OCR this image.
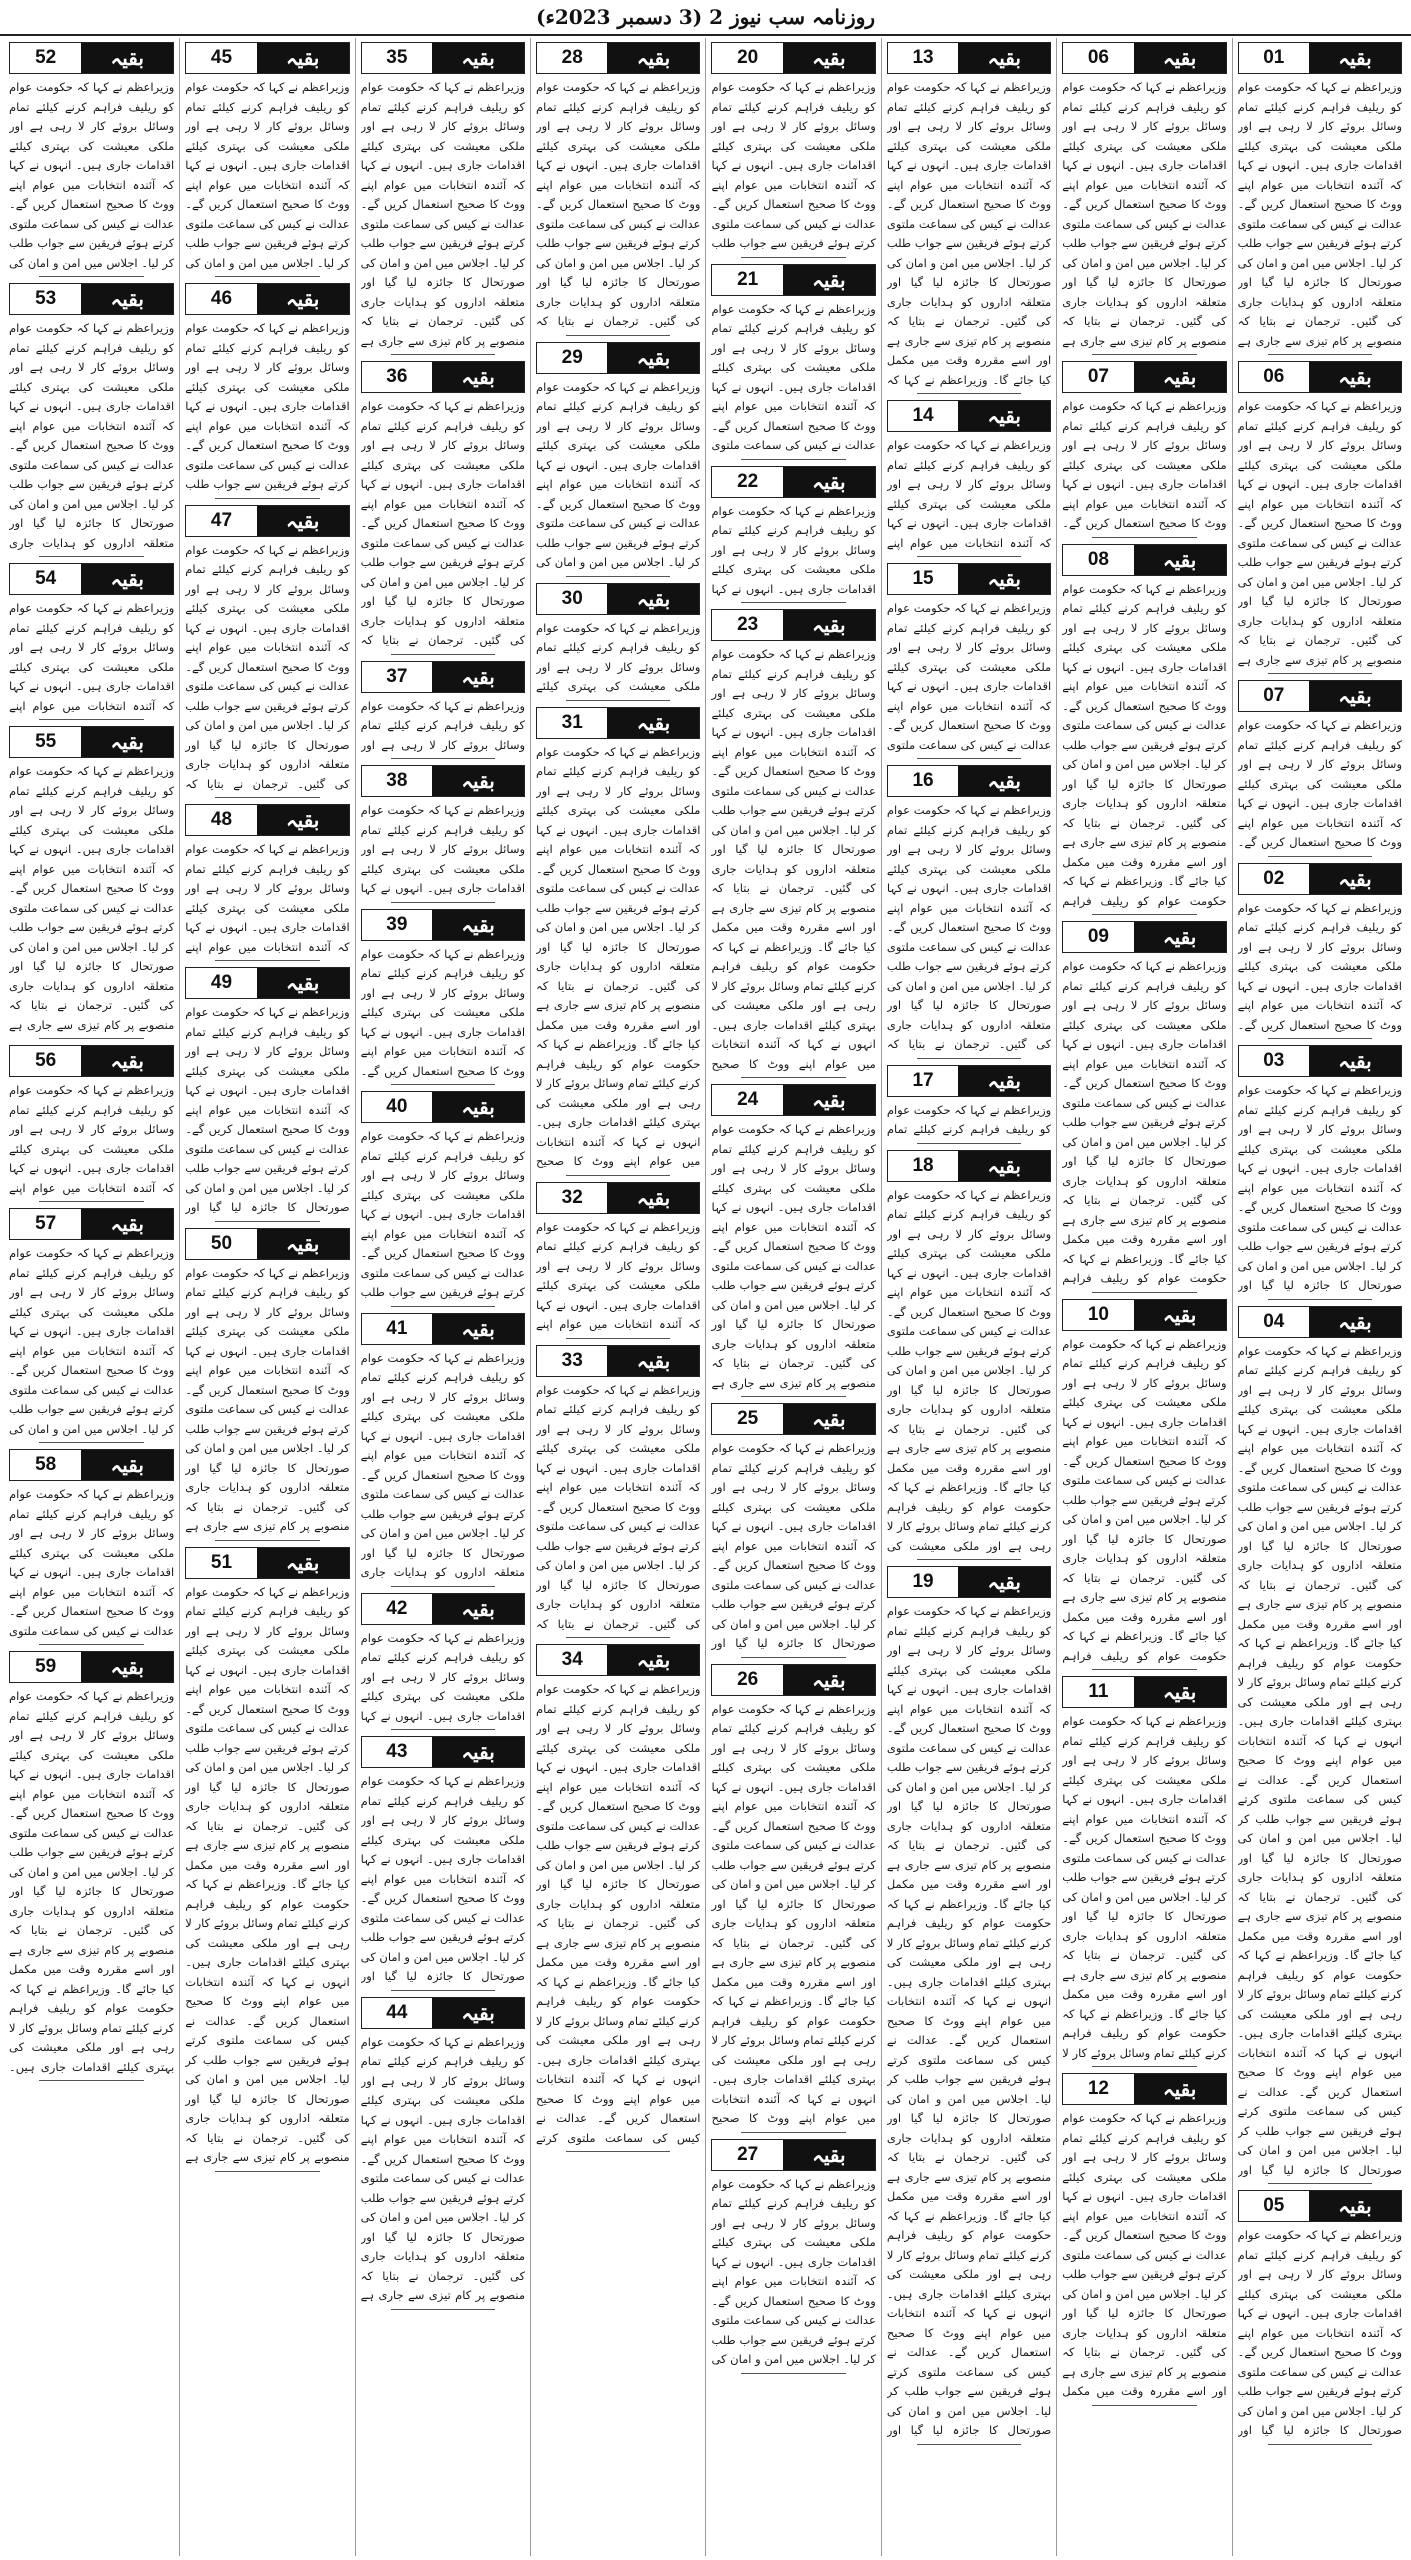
روزنامہ سب نیوز 2 (3 دسمبر 2023ء)
01	بقیہ
وزیراعظم نے کہا کہ حکومت عوام کو ریلیف فراہم کرنے کیلئے تمام وسائل بروئے کار لا رہی ہے اور ملکی معیشت کی بہتری کیلئے اقدامات جاری ہیں۔ انہوں نے کہا کہ آئندہ انتخابات میں عوام اپنے ووٹ کا صحیح استعمال کریں گے۔ عدالت نے کیس کی سماعت ملتوی کرتے ہوئے فریقین سے جواب طلب کر لیا۔ اجلاس میں امن و امان کی صورتحال کا جائزہ لیا گیا اور متعلقہ اداروں کو ہدایات جاری کی گئیں۔ ترجمان نے بتایا کہ منصوبے پر کام تیزی سے جاری ہے
06	بقیہ
وزیراعظم نے کہا کہ حکومت عوام کو ریلیف فراہم کرنے کیلئے تمام وسائل بروئے کار لا رہی ہے اور ملکی معیشت کی بہتری کیلئے اقدامات جاری ہیں۔ انہوں نے کہا کہ آئندہ انتخابات میں عوام اپنے ووٹ کا صحیح استعمال کریں گے۔ عدالت نے کیس کی سماعت ملتوی کرتے ہوئے فریقین سے جواب طلب کر لیا۔ اجلاس میں امن و امان کی صورتحال کا جائزہ لیا گیا اور متعلقہ اداروں کو ہدایات جاری کی گئیں۔ ترجمان نے بتایا کہ منصوبے پر کام تیزی سے جاری ہے
07	بقیہ
وزیراعظم نے کہا کہ حکومت عوام کو ریلیف فراہم کرنے کیلئے تمام وسائل بروئے کار لا رہی ہے اور ملکی معیشت کی بہتری کیلئے اقدامات جاری ہیں۔ انہوں نے کہا کہ آئندہ انتخابات میں عوام اپنے ووٹ کا صحیح استعمال کریں گے۔
02	بقیہ
وزیراعظم نے کہا کہ حکومت عوام کو ریلیف فراہم کرنے کیلئے تمام وسائل بروئے کار لا رہی ہے اور ملکی معیشت کی بہتری کیلئے اقدامات جاری ہیں۔ انہوں نے کہا کہ آئندہ انتخابات میں عوام اپنے ووٹ کا صحیح استعمال کریں گے۔
03	بقیہ
وزیراعظم نے کہا کہ حکومت عوام کو ریلیف فراہم کرنے کیلئے تمام وسائل بروئے کار لا رہی ہے اور ملکی معیشت کی بہتری کیلئے اقدامات جاری ہیں۔ انہوں نے کہا کہ آئندہ انتخابات میں عوام اپنے ووٹ کا صحیح استعمال کریں گے۔ عدالت نے کیس کی سماعت ملتوی کرتے ہوئے فریقین سے جواب طلب کر لیا۔ اجلاس میں امن و امان کی صورتحال کا جائزہ لیا گیا اور
04	بقیہ
وزیراعظم نے کہا کہ حکومت عوام کو ریلیف فراہم کرنے کیلئے تمام وسائل بروئے کار لا رہی ہے اور ملکی معیشت کی بہتری کیلئے اقدامات جاری ہیں۔ انہوں نے کہا کہ آئندہ انتخابات میں عوام اپنے ووٹ کا صحیح استعمال کریں گے۔ عدالت نے کیس کی سماعت ملتوی کرتے ہوئے فریقین سے جواب طلب کر لیا۔ اجلاس میں امن و امان کی صورتحال کا جائزہ لیا گیا اور متعلقہ اداروں کو ہدایات جاری کی گئیں۔ ترجمان نے بتایا کہ منصوبے پر کام تیزی سے جاری ہے اور اسے مقررہ وقت میں مکمل کیا جائے گا۔ وزیراعظم نے کہا کہ حکومت عوام کو ریلیف فراہم کرنے کیلئے تمام وسائل بروئے کار لا رہی ہے اور ملکی معیشت کی بہتری کیلئے اقدامات جاری ہیں۔ انہوں نے کہا کہ آئندہ انتخابات میں عوام اپنے ووٹ کا صحیح استعمال کریں گے۔ عدالت نے کیس کی سماعت ملتوی کرتے ہوئے فریقین سے جواب طلب کر لیا۔ اجلاس میں امن و امان کی صورتحال کا جائزہ لیا گیا اور متعلقہ اداروں کو ہدایات جاری کی گئیں۔ ترجمان نے بتایا کہ منصوبے پر کام تیزی سے جاری ہے اور اسے مقررہ وقت میں مکمل کیا جائے گا۔ وزیراعظم نے کہا کہ حکومت عوام کو ریلیف فراہم کرنے کیلئے تمام وسائل بروئے کار لا رہی ہے اور ملکی معیشت کی بہتری کیلئے اقدامات جاری ہیں۔ انہوں نے کہا کہ آئندہ انتخابات میں عوام اپنے ووٹ کا صحیح استعمال کریں گے۔ عدالت نے کیس کی سماعت ملتوی کرتے ہوئے فریقین سے جواب طلب کر لیا۔ اجلاس میں امن و امان کی صورتحال کا جائزہ لیا گیا اور
05	بقیہ
وزیراعظم نے کہا کہ حکومت عوام کو ریلیف فراہم کرنے کیلئے تمام وسائل بروئے کار لا رہی ہے اور ملکی معیشت کی بہتری کیلئے اقدامات جاری ہیں۔ انہوں نے کہا کہ آئندہ انتخابات میں عوام اپنے ووٹ کا صحیح استعمال کریں گے۔ عدالت نے کیس کی سماعت ملتوی کرتے ہوئے فریقین سے جواب طلب کر لیا۔ اجلاس میں امن و امان کی صورتحال کا جائزہ لیا گیا اور
06	بقیہ
وزیراعظم نے کہا کہ حکومت عوام کو ریلیف فراہم کرنے کیلئے تمام وسائل بروئے کار لا رہی ہے اور ملکی معیشت کی بہتری کیلئے اقدامات جاری ہیں۔ انہوں نے کہا کہ آئندہ انتخابات میں عوام اپنے ووٹ کا صحیح استعمال کریں گے۔ عدالت نے کیس کی سماعت ملتوی کرتے ہوئے فریقین سے جواب طلب کر لیا۔ اجلاس میں امن و امان کی صورتحال کا جائزہ لیا گیا اور متعلقہ اداروں کو ہدایات جاری کی گئیں۔ ترجمان نے بتایا کہ منصوبے پر کام تیزی سے جاری ہے
07	بقیہ
وزیراعظم نے کہا کہ حکومت عوام کو ریلیف فراہم کرنے کیلئے تمام وسائل بروئے کار لا رہی ہے اور ملکی معیشت کی بہتری کیلئے اقدامات جاری ہیں۔ انہوں نے کہا کہ آئندہ انتخابات میں عوام اپنے ووٹ کا صحیح استعمال کریں گے۔
08	بقیہ
وزیراعظم نے کہا کہ حکومت عوام کو ریلیف فراہم کرنے کیلئے تمام وسائل بروئے کار لا رہی ہے اور ملکی معیشت کی بہتری کیلئے اقدامات جاری ہیں۔ انہوں نے کہا کہ آئندہ انتخابات میں عوام اپنے ووٹ کا صحیح استعمال کریں گے۔ عدالت نے کیس کی سماعت ملتوی کرتے ہوئے فریقین سے جواب طلب کر لیا۔ اجلاس میں امن و امان کی صورتحال کا جائزہ لیا گیا اور متعلقہ اداروں کو ہدایات جاری کی گئیں۔ ترجمان نے بتایا کہ منصوبے پر کام تیزی سے جاری ہے اور اسے مقررہ وقت میں مکمل کیا جائے گا۔ وزیراعظم نے کہا کہ حکومت عوام کو ریلیف فراہم
09	بقیہ
وزیراعظم نے کہا کہ حکومت عوام کو ریلیف فراہم کرنے کیلئے تمام وسائل بروئے کار لا رہی ہے اور ملکی معیشت کی بہتری کیلئے اقدامات جاری ہیں۔ انہوں نے کہا کہ آئندہ انتخابات میں عوام اپنے ووٹ کا صحیح استعمال کریں گے۔ عدالت نے کیس کی سماعت ملتوی کرتے ہوئے فریقین سے جواب طلب کر لیا۔ اجلاس میں امن و امان کی صورتحال کا جائزہ لیا گیا اور متعلقہ اداروں کو ہدایات جاری کی گئیں۔ ترجمان نے بتایا کہ منصوبے پر کام تیزی سے جاری ہے اور اسے مقررہ وقت میں مکمل کیا جائے گا۔ وزیراعظم نے کہا کہ حکومت عوام کو ریلیف فراہم
10	بقیہ
وزیراعظم نے کہا کہ حکومت عوام کو ریلیف فراہم کرنے کیلئے تمام وسائل بروئے کار لا رہی ہے اور ملکی معیشت کی بہتری کیلئے اقدامات جاری ہیں۔ انہوں نے کہا کہ آئندہ انتخابات میں عوام اپنے ووٹ کا صحیح استعمال کریں گے۔ عدالت نے کیس کی سماعت ملتوی کرتے ہوئے فریقین سے جواب طلب کر لیا۔ اجلاس میں امن و امان کی صورتحال کا جائزہ لیا گیا اور متعلقہ اداروں کو ہدایات جاری کی گئیں۔ ترجمان نے بتایا کہ منصوبے پر کام تیزی سے جاری ہے اور اسے مقررہ وقت میں مکمل کیا جائے گا۔ وزیراعظم نے کہا کہ حکومت عوام کو ریلیف فراہم
11	بقیہ
وزیراعظم نے کہا کہ حکومت عوام کو ریلیف فراہم کرنے کیلئے تمام وسائل بروئے کار لا رہی ہے اور ملکی معیشت کی بہتری کیلئے اقدامات جاری ہیں۔ انہوں نے کہا کہ آئندہ انتخابات میں عوام اپنے ووٹ کا صحیح استعمال کریں گے۔ عدالت نے کیس کی سماعت ملتوی کرتے ہوئے فریقین سے جواب طلب کر لیا۔ اجلاس میں امن و امان کی صورتحال کا جائزہ لیا گیا اور متعلقہ اداروں کو ہدایات جاری کی گئیں۔ ترجمان نے بتایا کہ منصوبے پر کام تیزی سے جاری ہے اور اسے مقررہ وقت میں مکمل کیا جائے گا۔ وزیراعظم نے کہا کہ حکومت عوام کو ریلیف فراہم کرنے کیلئے تمام وسائل بروئے کار لا
12	بقیہ
وزیراعظم نے کہا کہ حکومت عوام کو ریلیف فراہم کرنے کیلئے تمام وسائل بروئے کار لا رہی ہے اور ملکی معیشت کی بہتری کیلئے اقدامات جاری ہیں۔ انہوں نے کہا کہ آئندہ انتخابات میں عوام اپنے ووٹ کا صحیح استعمال کریں گے۔ عدالت نے کیس کی سماعت ملتوی کرتے ہوئے فریقین سے جواب طلب کر لیا۔ اجلاس میں امن و امان کی صورتحال کا جائزہ لیا گیا اور متعلقہ اداروں کو ہدایات جاری کی گئیں۔ ترجمان نے بتایا کہ منصوبے پر کام تیزی سے جاری ہے اور اسے مقررہ وقت میں مکمل
13	بقیہ
وزیراعظم نے کہا کہ حکومت عوام کو ریلیف فراہم کرنے کیلئے تمام وسائل بروئے کار لا رہی ہے اور ملکی معیشت کی بہتری کیلئے اقدامات جاری ہیں۔ انہوں نے کہا کہ آئندہ انتخابات میں عوام اپنے ووٹ کا صحیح استعمال کریں گے۔ عدالت نے کیس کی سماعت ملتوی کرتے ہوئے فریقین سے جواب طلب کر لیا۔ اجلاس میں امن و امان کی صورتحال کا جائزہ لیا گیا اور متعلقہ اداروں کو ہدایات جاری کی گئیں۔ ترجمان نے بتایا کہ منصوبے پر کام تیزی سے جاری ہے اور اسے مقررہ وقت میں مکمل کیا جائے گا۔ وزیراعظم نے کہا کہ
14	بقیہ
وزیراعظم نے کہا کہ حکومت عوام کو ریلیف فراہم کرنے کیلئے تمام وسائل بروئے کار لا رہی ہے اور ملکی معیشت کی بہتری کیلئے اقدامات جاری ہیں۔ انہوں نے کہا کہ آئندہ انتخابات میں عوام اپنے
15	بقیہ
وزیراعظم نے کہا کہ حکومت عوام کو ریلیف فراہم کرنے کیلئے تمام وسائل بروئے کار لا رہی ہے اور ملکی معیشت کی بہتری کیلئے اقدامات جاری ہیں۔ انہوں نے کہا کہ آئندہ انتخابات میں عوام اپنے ووٹ کا صحیح استعمال کریں گے۔ عدالت نے کیس کی سماعت ملتوی
16	بقیہ
وزیراعظم نے کہا کہ حکومت عوام کو ریلیف فراہم کرنے کیلئے تمام وسائل بروئے کار لا رہی ہے اور ملکی معیشت کی بہتری کیلئے اقدامات جاری ہیں۔ انہوں نے کہا کہ آئندہ انتخابات میں عوام اپنے ووٹ کا صحیح استعمال کریں گے۔ عدالت نے کیس کی سماعت ملتوی کرتے ہوئے فریقین سے جواب طلب کر لیا۔ اجلاس میں امن و امان کی صورتحال کا جائزہ لیا گیا اور متعلقہ اداروں کو ہدایات جاری کی گئیں۔ ترجمان نے بتایا کہ
17	بقیہ
وزیراعظم نے کہا کہ حکومت عوام کو ریلیف فراہم کرنے کیلئے تمام
18	بقیہ
وزیراعظم نے کہا کہ حکومت عوام کو ریلیف فراہم کرنے کیلئے تمام وسائل بروئے کار لا رہی ہے اور ملکی معیشت کی بہتری کیلئے اقدامات جاری ہیں۔ انہوں نے کہا کہ آئندہ انتخابات میں عوام اپنے ووٹ کا صحیح استعمال کریں گے۔ عدالت نے کیس کی سماعت ملتوی کرتے ہوئے فریقین سے جواب طلب کر لیا۔ اجلاس میں امن و امان کی صورتحال کا جائزہ لیا گیا اور متعلقہ اداروں کو ہدایات جاری کی گئیں۔ ترجمان نے بتایا کہ منصوبے پر کام تیزی سے جاری ہے اور اسے مقررہ وقت میں مکمل کیا جائے گا۔ وزیراعظم نے کہا کہ حکومت عوام کو ریلیف فراہم کرنے کیلئے تمام وسائل بروئے کار لا رہی ہے اور ملکی معیشت کی
19	بقیہ
وزیراعظم نے کہا کہ حکومت عوام کو ریلیف فراہم کرنے کیلئے تمام وسائل بروئے کار لا رہی ہے اور ملکی معیشت کی بہتری کیلئے اقدامات جاری ہیں۔ انہوں نے کہا کہ آئندہ انتخابات میں عوام اپنے ووٹ کا صحیح استعمال کریں گے۔ عدالت نے کیس کی سماعت ملتوی کرتے ہوئے فریقین سے جواب طلب کر لیا۔ اجلاس میں امن و امان کی صورتحال کا جائزہ لیا گیا اور متعلقہ اداروں کو ہدایات جاری کی گئیں۔ ترجمان نے بتایا کہ منصوبے پر کام تیزی سے جاری ہے اور اسے مقررہ وقت میں مکمل کیا جائے گا۔ وزیراعظم نے کہا کہ حکومت عوام کو ریلیف فراہم کرنے کیلئے تمام وسائل بروئے کار لا رہی ہے اور ملکی معیشت کی بہتری کیلئے اقدامات جاری ہیں۔ انہوں نے کہا کہ آئندہ انتخابات میں عوام اپنے ووٹ کا صحیح استعمال کریں گے۔ عدالت نے کیس کی سماعت ملتوی کرتے ہوئے فریقین سے جواب طلب کر لیا۔ اجلاس میں امن و امان کی صورتحال کا جائزہ لیا گیا اور متعلقہ اداروں کو ہدایات جاری کی گئیں۔ ترجمان نے بتایا کہ منصوبے پر کام تیزی سے جاری ہے اور اسے مقررہ وقت میں مکمل کیا جائے گا۔ وزیراعظم نے کہا کہ حکومت عوام کو ریلیف فراہم کرنے کیلئے تمام وسائل بروئے کار لا رہی ہے اور ملکی معیشت کی بہتری کیلئے اقدامات جاری ہیں۔ انہوں نے کہا کہ آئندہ انتخابات میں عوام اپنے ووٹ کا صحیح استعمال کریں گے۔ عدالت نے کیس کی سماعت ملتوی کرتے ہوئے فریقین سے جواب طلب کر لیا۔ اجلاس میں امن و امان کی صورتحال کا جائزہ لیا گیا اور
20	بقیہ
وزیراعظم نے کہا کہ حکومت عوام کو ریلیف فراہم کرنے کیلئے تمام وسائل بروئے کار لا رہی ہے اور ملکی معیشت کی بہتری کیلئے اقدامات جاری ہیں۔ انہوں نے کہا کہ آئندہ انتخابات میں عوام اپنے ووٹ کا صحیح استعمال کریں گے۔ عدالت نے کیس کی سماعت ملتوی کرتے ہوئے فریقین سے جواب طلب
21	بقیہ
وزیراعظم نے کہا کہ حکومت عوام کو ریلیف فراہم کرنے کیلئے تمام وسائل بروئے کار لا رہی ہے اور ملکی معیشت کی بہتری کیلئے اقدامات جاری ہیں۔ انہوں نے کہا کہ آئندہ انتخابات میں عوام اپنے ووٹ کا صحیح استعمال کریں گے۔ عدالت نے کیس کی سماعت ملتوی
22	بقیہ
وزیراعظم نے کہا کہ حکومت عوام کو ریلیف فراہم کرنے کیلئے تمام وسائل بروئے کار لا رہی ہے اور ملکی معیشت کی بہتری کیلئے اقدامات جاری ہیں۔ انہوں نے کہا
23	بقیہ
وزیراعظم نے کہا کہ حکومت عوام کو ریلیف فراہم کرنے کیلئے تمام وسائل بروئے کار لا رہی ہے اور ملکی معیشت کی بہتری کیلئے اقدامات جاری ہیں۔ انہوں نے کہا کہ آئندہ انتخابات میں عوام اپنے ووٹ کا صحیح استعمال کریں گے۔ عدالت نے کیس کی سماعت ملتوی کرتے ہوئے فریقین سے جواب طلب کر لیا۔ اجلاس میں امن و امان کی صورتحال کا جائزہ لیا گیا اور متعلقہ اداروں کو ہدایات جاری کی گئیں۔ ترجمان نے بتایا کہ منصوبے پر کام تیزی سے جاری ہے اور اسے مقررہ وقت میں مکمل کیا جائے گا۔ وزیراعظم نے کہا کہ حکومت عوام کو ریلیف فراہم کرنے کیلئے تمام وسائل بروئے کار لا رہی ہے اور ملکی معیشت کی بہتری کیلئے اقدامات جاری ہیں۔ انہوں نے کہا کہ آئندہ انتخابات میں عوام اپنے ووٹ کا صحیح
24	بقیہ
وزیراعظم نے کہا کہ حکومت عوام کو ریلیف فراہم کرنے کیلئے تمام وسائل بروئے کار لا رہی ہے اور ملکی معیشت کی بہتری کیلئے اقدامات جاری ہیں۔ انہوں نے کہا کہ آئندہ انتخابات میں عوام اپنے ووٹ کا صحیح استعمال کریں گے۔ عدالت نے کیس کی سماعت ملتوی کرتے ہوئے فریقین سے جواب طلب کر لیا۔ اجلاس میں امن و امان کی صورتحال کا جائزہ لیا گیا اور متعلقہ اداروں کو ہدایات جاری کی گئیں۔ ترجمان نے بتایا کہ منصوبے پر کام تیزی سے جاری ہے
25	بقیہ
وزیراعظم نے کہا کہ حکومت عوام کو ریلیف فراہم کرنے کیلئے تمام وسائل بروئے کار لا رہی ہے اور ملکی معیشت کی بہتری کیلئے اقدامات جاری ہیں۔ انہوں نے کہا کہ آئندہ انتخابات میں عوام اپنے ووٹ کا صحیح استعمال کریں گے۔ عدالت نے کیس کی سماعت ملتوی کرتے ہوئے فریقین سے جواب طلب کر لیا۔ اجلاس میں امن و امان کی صورتحال کا جائزہ لیا گیا اور
26	بقیہ
وزیراعظم نے کہا کہ حکومت عوام کو ریلیف فراہم کرنے کیلئے تمام وسائل بروئے کار لا رہی ہے اور ملکی معیشت کی بہتری کیلئے اقدامات جاری ہیں۔ انہوں نے کہا کہ آئندہ انتخابات میں عوام اپنے ووٹ کا صحیح استعمال کریں گے۔ عدالت نے کیس کی سماعت ملتوی کرتے ہوئے فریقین سے جواب طلب کر لیا۔ اجلاس میں امن و امان کی صورتحال کا جائزہ لیا گیا اور متعلقہ اداروں کو ہدایات جاری کی گئیں۔ ترجمان نے بتایا کہ منصوبے پر کام تیزی سے جاری ہے اور اسے مقررہ وقت میں مکمل کیا جائے گا۔ وزیراعظم نے کہا کہ حکومت عوام کو ریلیف فراہم کرنے کیلئے تمام وسائل بروئے کار لا رہی ہے اور ملکی معیشت کی بہتری کیلئے اقدامات جاری ہیں۔ انہوں نے کہا کہ آئندہ انتخابات میں عوام اپنے ووٹ کا صحیح
27	بقیہ
وزیراعظم نے کہا کہ حکومت عوام کو ریلیف فراہم کرنے کیلئے تمام وسائل بروئے کار لا رہی ہے اور ملکی معیشت کی بہتری کیلئے اقدامات جاری ہیں۔ انہوں نے کہا کہ آئندہ انتخابات میں عوام اپنے ووٹ کا صحیح استعمال کریں گے۔ عدالت نے کیس کی سماعت ملتوی کرتے ہوئے فریقین سے جواب طلب کر لیا۔ اجلاس میں امن و امان کی
28	بقیہ
وزیراعظم نے کہا کہ حکومت عوام کو ریلیف فراہم کرنے کیلئے تمام وسائل بروئے کار لا رہی ہے اور ملکی معیشت کی بہتری کیلئے اقدامات جاری ہیں۔ انہوں نے کہا کہ آئندہ انتخابات میں عوام اپنے ووٹ کا صحیح استعمال کریں گے۔ عدالت نے کیس کی سماعت ملتوی کرتے ہوئے فریقین سے جواب طلب کر لیا۔ اجلاس میں امن و امان کی صورتحال کا جائزہ لیا گیا اور متعلقہ اداروں کو ہدایات جاری کی گئیں۔ ترجمان نے بتایا کہ
29	بقیہ
وزیراعظم نے کہا کہ حکومت عوام کو ریلیف فراہم کرنے کیلئے تمام وسائل بروئے کار لا رہی ہے اور ملکی معیشت کی بہتری کیلئے اقدامات جاری ہیں۔ انہوں نے کہا کہ آئندہ انتخابات میں عوام اپنے ووٹ کا صحیح استعمال کریں گے۔ عدالت نے کیس کی سماعت ملتوی کرتے ہوئے فریقین سے جواب طلب کر لیا۔ اجلاس میں امن و امان کی
30	بقیہ
وزیراعظم نے کہا کہ حکومت عوام کو ریلیف فراہم کرنے کیلئے تمام وسائل بروئے کار لا رہی ہے اور ملکی معیشت کی بہتری کیلئے
31	بقیہ
وزیراعظم نے کہا کہ حکومت عوام کو ریلیف فراہم کرنے کیلئے تمام وسائل بروئے کار لا رہی ہے اور ملکی معیشت کی بہتری کیلئے اقدامات جاری ہیں۔ انہوں نے کہا کہ آئندہ انتخابات میں عوام اپنے ووٹ کا صحیح استعمال کریں گے۔ عدالت نے کیس کی سماعت ملتوی کرتے ہوئے فریقین سے جواب طلب کر لیا۔ اجلاس میں امن و امان کی صورتحال کا جائزہ لیا گیا اور متعلقہ اداروں کو ہدایات جاری کی گئیں۔ ترجمان نے بتایا کہ منصوبے پر کام تیزی سے جاری ہے اور اسے مقررہ وقت میں مکمل کیا جائے گا۔ وزیراعظم نے کہا کہ حکومت عوام کو ریلیف فراہم کرنے کیلئے تمام وسائل بروئے کار لا رہی ہے اور ملکی معیشت کی بہتری کیلئے اقدامات جاری ہیں۔ انہوں نے کہا کہ آئندہ انتخابات میں عوام اپنے ووٹ کا صحیح
32	بقیہ
وزیراعظم نے کہا کہ حکومت عوام کو ریلیف فراہم کرنے کیلئے تمام وسائل بروئے کار لا رہی ہے اور ملکی معیشت کی بہتری کیلئے اقدامات جاری ہیں۔ انہوں نے کہا کہ آئندہ انتخابات میں عوام اپنے
33	بقیہ
وزیراعظم نے کہا کہ حکومت عوام کو ریلیف فراہم کرنے کیلئے تمام وسائل بروئے کار لا رہی ہے اور ملکی معیشت کی بہتری کیلئے اقدامات جاری ہیں۔ انہوں نے کہا کہ آئندہ انتخابات میں عوام اپنے ووٹ کا صحیح استعمال کریں گے۔ عدالت نے کیس کی سماعت ملتوی کرتے ہوئے فریقین سے جواب طلب کر لیا۔ اجلاس میں امن و امان کی صورتحال کا جائزہ لیا گیا اور متعلقہ اداروں کو ہدایات جاری کی گئیں۔ ترجمان نے بتایا کہ
34	بقیہ
وزیراعظم نے کہا کہ حکومت عوام کو ریلیف فراہم کرنے کیلئے تمام وسائل بروئے کار لا رہی ہے اور ملکی معیشت کی بہتری کیلئے اقدامات جاری ہیں۔ انہوں نے کہا کہ آئندہ انتخابات میں عوام اپنے ووٹ کا صحیح استعمال کریں گے۔ عدالت نے کیس کی سماعت ملتوی کرتے ہوئے فریقین سے جواب طلب کر لیا۔ اجلاس میں امن و امان کی صورتحال کا جائزہ لیا گیا اور متعلقہ اداروں کو ہدایات جاری کی گئیں۔ ترجمان نے بتایا کہ منصوبے پر کام تیزی سے جاری ہے اور اسے مقررہ وقت میں مکمل کیا جائے گا۔ وزیراعظم نے کہا کہ حکومت عوام کو ریلیف فراہم کرنے کیلئے تمام وسائل بروئے کار لا رہی ہے اور ملکی معیشت کی بہتری کیلئے اقدامات جاری ہیں۔ انہوں نے کہا کہ آئندہ انتخابات میں عوام اپنے ووٹ کا صحیح استعمال کریں گے۔ عدالت نے کیس کی سماعت ملتوی کرتے
35	بقیہ
وزیراعظم نے کہا کہ حکومت عوام کو ریلیف فراہم کرنے کیلئے تمام وسائل بروئے کار لا رہی ہے اور ملکی معیشت کی بہتری کیلئے اقدامات جاری ہیں۔ انہوں نے کہا کہ آئندہ انتخابات میں عوام اپنے ووٹ کا صحیح استعمال کریں گے۔ عدالت نے کیس کی سماعت ملتوی کرتے ہوئے فریقین سے جواب طلب کر لیا۔ اجلاس میں امن و امان کی صورتحال کا جائزہ لیا گیا اور متعلقہ اداروں کو ہدایات جاری کی گئیں۔ ترجمان نے بتایا کہ منصوبے پر کام تیزی سے جاری ہے
36	بقیہ
وزیراعظم نے کہا کہ حکومت عوام کو ریلیف فراہم کرنے کیلئے تمام وسائل بروئے کار لا رہی ہے اور ملکی معیشت کی بہتری کیلئے اقدامات جاری ہیں۔ انہوں نے کہا کہ آئندہ انتخابات میں عوام اپنے ووٹ کا صحیح استعمال کریں گے۔ عدالت نے کیس کی سماعت ملتوی کرتے ہوئے فریقین سے جواب طلب کر لیا۔ اجلاس میں امن و امان کی صورتحال کا جائزہ لیا گیا اور متعلقہ اداروں کو ہدایات جاری کی گئیں۔ ترجمان نے بتایا کہ
37	بقیہ
وزیراعظم نے کہا کہ حکومت عوام کو ریلیف فراہم کرنے کیلئے تمام وسائل بروئے کار لا رہی ہے اور
38	بقیہ
وزیراعظم نے کہا کہ حکومت عوام کو ریلیف فراہم کرنے کیلئے تمام وسائل بروئے کار لا رہی ہے اور ملکی معیشت کی بہتری کیلئے اقدامات جاری ہیں۔ انہوں نے کہا
39	بقیہ
وزیراعظم نے کہا کہ حکومت عوام کو ریلیف فراہم کرنے کیلئے تمام وسائل بروئے کار لا رہی ہے اور ملکی معیشت کی بہتری کیلئے اقدامات جاری ہیں۔ انہوں نے کہا کہ آئندہ انتخابات میں عوام اپنے ووٹ کا صحیح استعمال کریں گے۔
40	بقیہ
وزیراعظم نے کہا کہ حکومت عوام کو ریلیف فراہم کرنے کیلئے تمام وسائل بروئے کار لا رہی ہے اور ملکی معیشت کی بہتری کیلئے اقدامات جاری ہیں۔ انہوں نے کہا کہ آئندہ انتخابات میں عوام اپنے ووٹ کا صحیح استعمال کریں گے۔ عدالت نے کیس کی سماعت ملتوی کرتے ہوئے فریقین سے جواب طلب
41	بقیہ
وزیراعظم نے کہا کہ حکومت عوام کو ریلیف فراہم کرنے کیلئے تمام وسائل بروئے کار لا رہی ہے اور ملکی معیشت کی بہتری کیلئے اقدامات جاری ہیں۔ انہوں نے کہا کہ آئندہ انتخابات میں عوام اپنے ووٹ کا صحیح استعمال کریں گے۔ عدالت نے کیس کی سماعت ملتوی کرتے ہوئے فریقین سے جواب طلب کر لیا۔ اجلاس میں امن و امان کی صورتحال کا جائزہ لیا گیا اور متعلقہ اداروں کو ہدایات جاری
42	بقیہ
وزیراعظم نے کہا کہ حکومت عوام کو ریلیف فراہم کرنے کیلئے تمام وسائل بروئے کار لا رہی ہے اور ملکی معیشت کی بہتری کیلئے اقدامات جاری ہیں۔ انہوں نے کہا
43	بقیہ
وزیراعظم نے کہا کہ حکومت عوام کو ریلیف فراہم کرنے کیلئے تمام وسائل بروئے کار لا رہی ہے اور ملکی معیشت کی بہتری کیلئے اقدامات جاری ہیں۔ انہوں نے کہا کہ آئندہ انتخابات میں عوام اپنے ووٹ کا صحیح استعمال کریں گے۔ عدالت نے کیس کی سماعت ملتوی کرتے ہوئے فریقین سے جواب طلب کر لیا۔ اجلاس میں امن و امان کی صورتحال کا جائزہ لیا گیا اور
44	بقیہ
وزیراعظم نے کہا کہ حکومت عوام کو ریلیف فراہم کرنے کیلئے تمام وسائل بروئے کار لا رہی ہے اور ملکی معیشت کی بہتری کیلئے اقدامات جاری ہیں۔ انہوں نے کہا کہ آئندہ انتخابات میں عوام اپنے ووٹ کا صحیح استعمال کریں گے۔ عدالت نے کیس کی سماعت ملتوی کرتے ہوئے فریقین سے جواب طلب کر لیا۔ اجلاس میں امن و امان کی صورتحال کا جائزہ لیا گیا اور متعلقہ اداروں کو ہدایات جاری کی گئیں۔ ترجمان نے بتایا کہ منصوبے پر کام تیزی سے جاری ہے
45	بقیہ
وزیراعظم نے کہا کہ حکومت عوام کو ریلیف فراہم کرنے کیلئے تمام وسائل بروئے کار لا رہی ہے اور ملکی معیشت کی بہتری کیلئے اقدامات جاری ہیں۔ انہوں نے کہا کہ آئندہ انتخابات میں عوام اپنے ووٹ کا صحیح استعمال کریں گے۔ عدالت نے کیس کی سماعت ملتوی کرتے ہوئے فریقین سے جواب طلب کر لیا۔ اجلاس میں امن و امان کی
46	بقیہ
وزیراعظم نے کہا کہ حکومت عوام کو ریلیف فراہم کرنے کیلئے تمام وسائل بروئے کار لا رہی ہے اور ملکی معیشت کی بہتری کیلئے اقدامات جاری ہیں۔ انہوں نے کہا کہ آئندہ انتخابات میں عوام اپنے ووٹ کا صحیح استعمال کریں گے۔ عدالت نے کیس کی سماعت ملتوی کرتے ہوئے فریقین سے جواب طلب
47	بقیہ
وزیراعظم نے کہا کہ حکومت عوام کو ریلیف فراہم کرنے کیلئے تمام وسائل بروئے کار لا رہی ہے اور ملکی معیشت کی بہتری کیلئے اقدامات جاری ہیں۔ انہوں نے کہا کہ آئندہ انتخابات میں عوام اپنے ووٹ کا صحیح استعمال کریں گے۔ عدالت نے کیس کی سماعت ملتوی کرتے ہوئے فریقین سے جواب طلب کر لیا۔ اجلاس میں امن و امان کی صورتحال کا جائزہ لیا گیا اور متعلقہ اداروں کو ہدایات جاری کی گئیں۔ ترجمان نے بتایا کہ
48	بقیہ
وزیراعظم نے کہا کہ حکومت عوام کو ریلیف فراہم کرنے کیلئے تمام وسائل بروئے کار لا رہی ہے اور ملکی معیشت کی بہتری کیلئے اقدامات جاری ہیں۔ انہوں نے کہا کہ آئندہ انتخابات میں عوام اپنے
49	بقیہ
وزیراعظم نے کہا کہ حکومت عوام کو ریلیف فراہم کرنے کیلئے تمام وسائل بروئے کار لا رہی ہے اور ملکی معیشت کی بہتری کیلئے اقدامات جاری ہیں۔ انہوں نے کہا کہ آئندہ انتخابات میں عوام اپنے ووٹ کا صحیح استعمال کریں گے۔ عدالت نے کیس کی سماعت ملتوی کرتے ہوئے فریقین سے جواب طلب کر لیا۔ اجلاس میں امن و امان کی صورتحال کا جائزہ لیا گیا اور
50	بقیہ
وزیراعظم نے کہا کہ حکومت عوام کو ریلیف فراہم کرنے کیلئے تمام وسائل بروئے کار لا رہی ہے اور ملکی معیشت کی بہتری کیلئے اقدامات جاری ہیں۔ انہوں نے کہا کہ آئندہ انتخابات میں عوام اپنے ووٹ کا صحیح استعمال کریں گے۔ عدالت نے کیس کی سماعت ملتوی کرتے ہوئے فریقین سے جواب طلب کر لیا۔ اجلاس میں امن و امان کی صورتحال کا جائزہ لیا گیا اور متعلقہ اداروں کو ہدایات جاری کی گئیں۔ ترجمان نے بتایا کہ منصوبے پر کام تیزی سے جاری ہے
51	بقیہ
وزیراعظم نے کہا کہ حکومت عوام کو ریلیف فراہم کرنے کیلئے تمام وسائل بروئے کار لا رہی ہے اور ملکی معیشت کی بہتری کیلئے اقدامات جاری ہیں۔ انہوں نے کہا کہ آئندہ انتخابات میں عوام اپنے ووٹ کا صحیح استعمال کریں گے۔ عدالت نے کیس کی سماعت ملتوی کرتے ہوئے فریقین سے جواب طلب کر لیا۔ اجلاس میں امن و امان کی صورتحال کا جائزہ لیا گیا اور متعلقہ اداروں کو ہدایات جاری کی گئیں۔ ترجمان نے بتایا کہ منصوبے پر کام تیزی سے جاری ہے اور اسے مقررہ وقت میں مکمل کیا جائے گا۔ وزیراعظم نے کہا کہ حکومت عوام کو ریلیف فراہم کرنے کیلئے تمام وسائل بروئے کار لا رہی ہے اور ملکی معیشت کی بہتری کیلئے اقدامات جاری ہیں۔ انہوں نے کہا کہ آئندہ انتخابات میں عوام اپنے ووٹ کا صحیح استعمال کریں گے۔ عدالت نے کیس کی سماعت ملتوی کرتے ہوئے فریقین سے جواب طلب کر لیا۔ اجلاس میں امن و امان کی صورتحال کا جائزہ لیا گیا اور متعلقہ اداروں کو ہدایات جاری کی گئیں۔ ترجمان نے بتایا کہ منصوبے پر کام تیزی سے جاری ہے
52	بقیہ
وزیراعظم نے کہا کہ حکومت عوام کو ریلیف فراہم کرنے کیلئے تمام وسائل بروئے کار لا رہی ہے اور ملکی معیشت کی بہتری کیلئے اقدامات جاری ہیں۔ انہوں نے کہا کہ آئندہ انتخابات میں عوام اپنے ووٹ کا صحیح استعمال کریں گے۔ عدالت نے کیس کی سماعت ملتوی کرتے ہوئے فریقین سے جواب طلب کر لیا۔ اجلاس میں امن و امان کی
53	بقیہ
وزیراعظم نے کہا کہ حکومت عوام کو ریلیف فراہم کرنے کیلئے تمام وسائل بروئے کار لا رہی ہے اور ملکی معیشت کی بہتری کیلئے اقدامات جاری ہیں۔ انہوں نے کہا کہ آئندہ انتخابات میں عوام اپنے ووٹ کا صحیح استعمال کریں گے۔ عدالت نے کیس کی سماعت ملتوی کرتے ہوئے فریقین سے جواب طلب کر لیا۔ اجلاس میں امن و امان کی صورتحال کا جائزہ لیا گیا اور متعلقہ اداروں کو ہدایات جاری
54	بقیہ
وزیراعظم نے کہا کہ حکومت عوام کو ریلیف فراہم کرنے کیلئے تمام وسائل بروئے کار لا رہی ہے اور ملکی معیشت کی بہتری کیلئے اقدامات جاری ہیں۔ انہوں نے کہا کہ آئندہ انتخابات میں عوام اپنے
55	بقیہ
وزیراعظم نے کہا کہ حکومت عوام کو ریلیف فراہم کرنے کیلئے تمام وسائل بروئے کار لا رہی ہے اور ملکی معیشت کی بہتری کیلئے اقدامات جاری ہیں۔ انہوں نے کہا کہ آئندہ انتخابات میں عوام اپنے ووٹ کا صحیح استعمال کریں گے۔ عدالت نے کیس کی سماعت ملتوی کرتے ہوئے فریقین سے جواب طلب کر لیا۔ اجلاس میں امن و امان کی صورتحال کا جائزہ لیا گیا اور متعلقہ اداروں کو ہدایات جاری کی گئیں۔ ترجمان نے بتایا کہ منصوبے پر کام تیزی سے جاری ہے
56	بقیہ
وزیراعظم نے کہا کہ حکومت عوام کو ریلیف فراہم کرنے کیلئے تمام وسائل بروئے کار لا رہی ہے اور ملکی معیشت کی بہتری کیلئے اقدامات جاری ہیں۔ انہوں نے کہا کہ آئندہ انتخابات میں عوام اپنے
57	بقیہ
وزیراعظم نے کہا کہ حکومت عوام کو ریلیف فراہم کرنے کیلئے تمام وسائل بروئے کار لا رہی ہے اور ملکی معیشت کی بہتری کیلئے اقدامات جاری ہیں۔ انہوں نے کہا کہ آئندہ انتخابات میں عوام اپنے ووٹ کا صحیح استعمال کریں گے۔ عدالت نے کیس کی سماعت ملتوی کرتے ہوئے فریقین سے جواب طلب کر لیا۔ اجلاس میں امن و امان کی
58	بقیہ
وزیراعظم نے کہا کہ حکومت عوام کو ریلیف فراہم کرنے کیلئے تمام وسائل بروئے کار لا رہی ہے اور ملکی معیشت کی بہتری کیلئے اقدامات جاری ہیں۔ انہوں نے کہا کہ آئندہ انتخابات میں عوام اپنے ووٹ کا صحیح استعمال کریں گے۔ عدالت نے کیس کی سماعت ملتوی
59	بقیہ
وزیراعظم نے کہا کہ حکومت عوام کو ریلیف فراہم کرنے کیلئے تمام وسائل بروئے کار لا رہی ہے اور ملکی معیشت کی بہتری کیلئے اقدامات جاری ہیں۔ انہوں نے کہا کہ آئندہ انتخابات میں عوام اپنے ووٹ کا صحیح استعمال کریں گے۔ عدالت نے کیس کی سماعت ملتوی کرتے ہوئے فریقین سے جواب طلب کر لیا۔ اجلاس میں امن و امان کی صورتحال کا جائزہ لیا گیا اور متعلقہ اداروں کو ہدایات جاری کی گئیں۔ ترجمان نے بتایا کہ منصوبے پر کام تیزی سے جاری ہے اور اسے مقررہ وقت میں مکمل کیا جائے گا۔ وزیراعظم نے کہا کہ حکومت عوام کو ریلیف فراہم کرنے کیلئے تمام وسائل بروئے کار لا رہی ہے اور ملکی معیشت کی بہتری کیلئے اقدامات جاری ہیں۔
